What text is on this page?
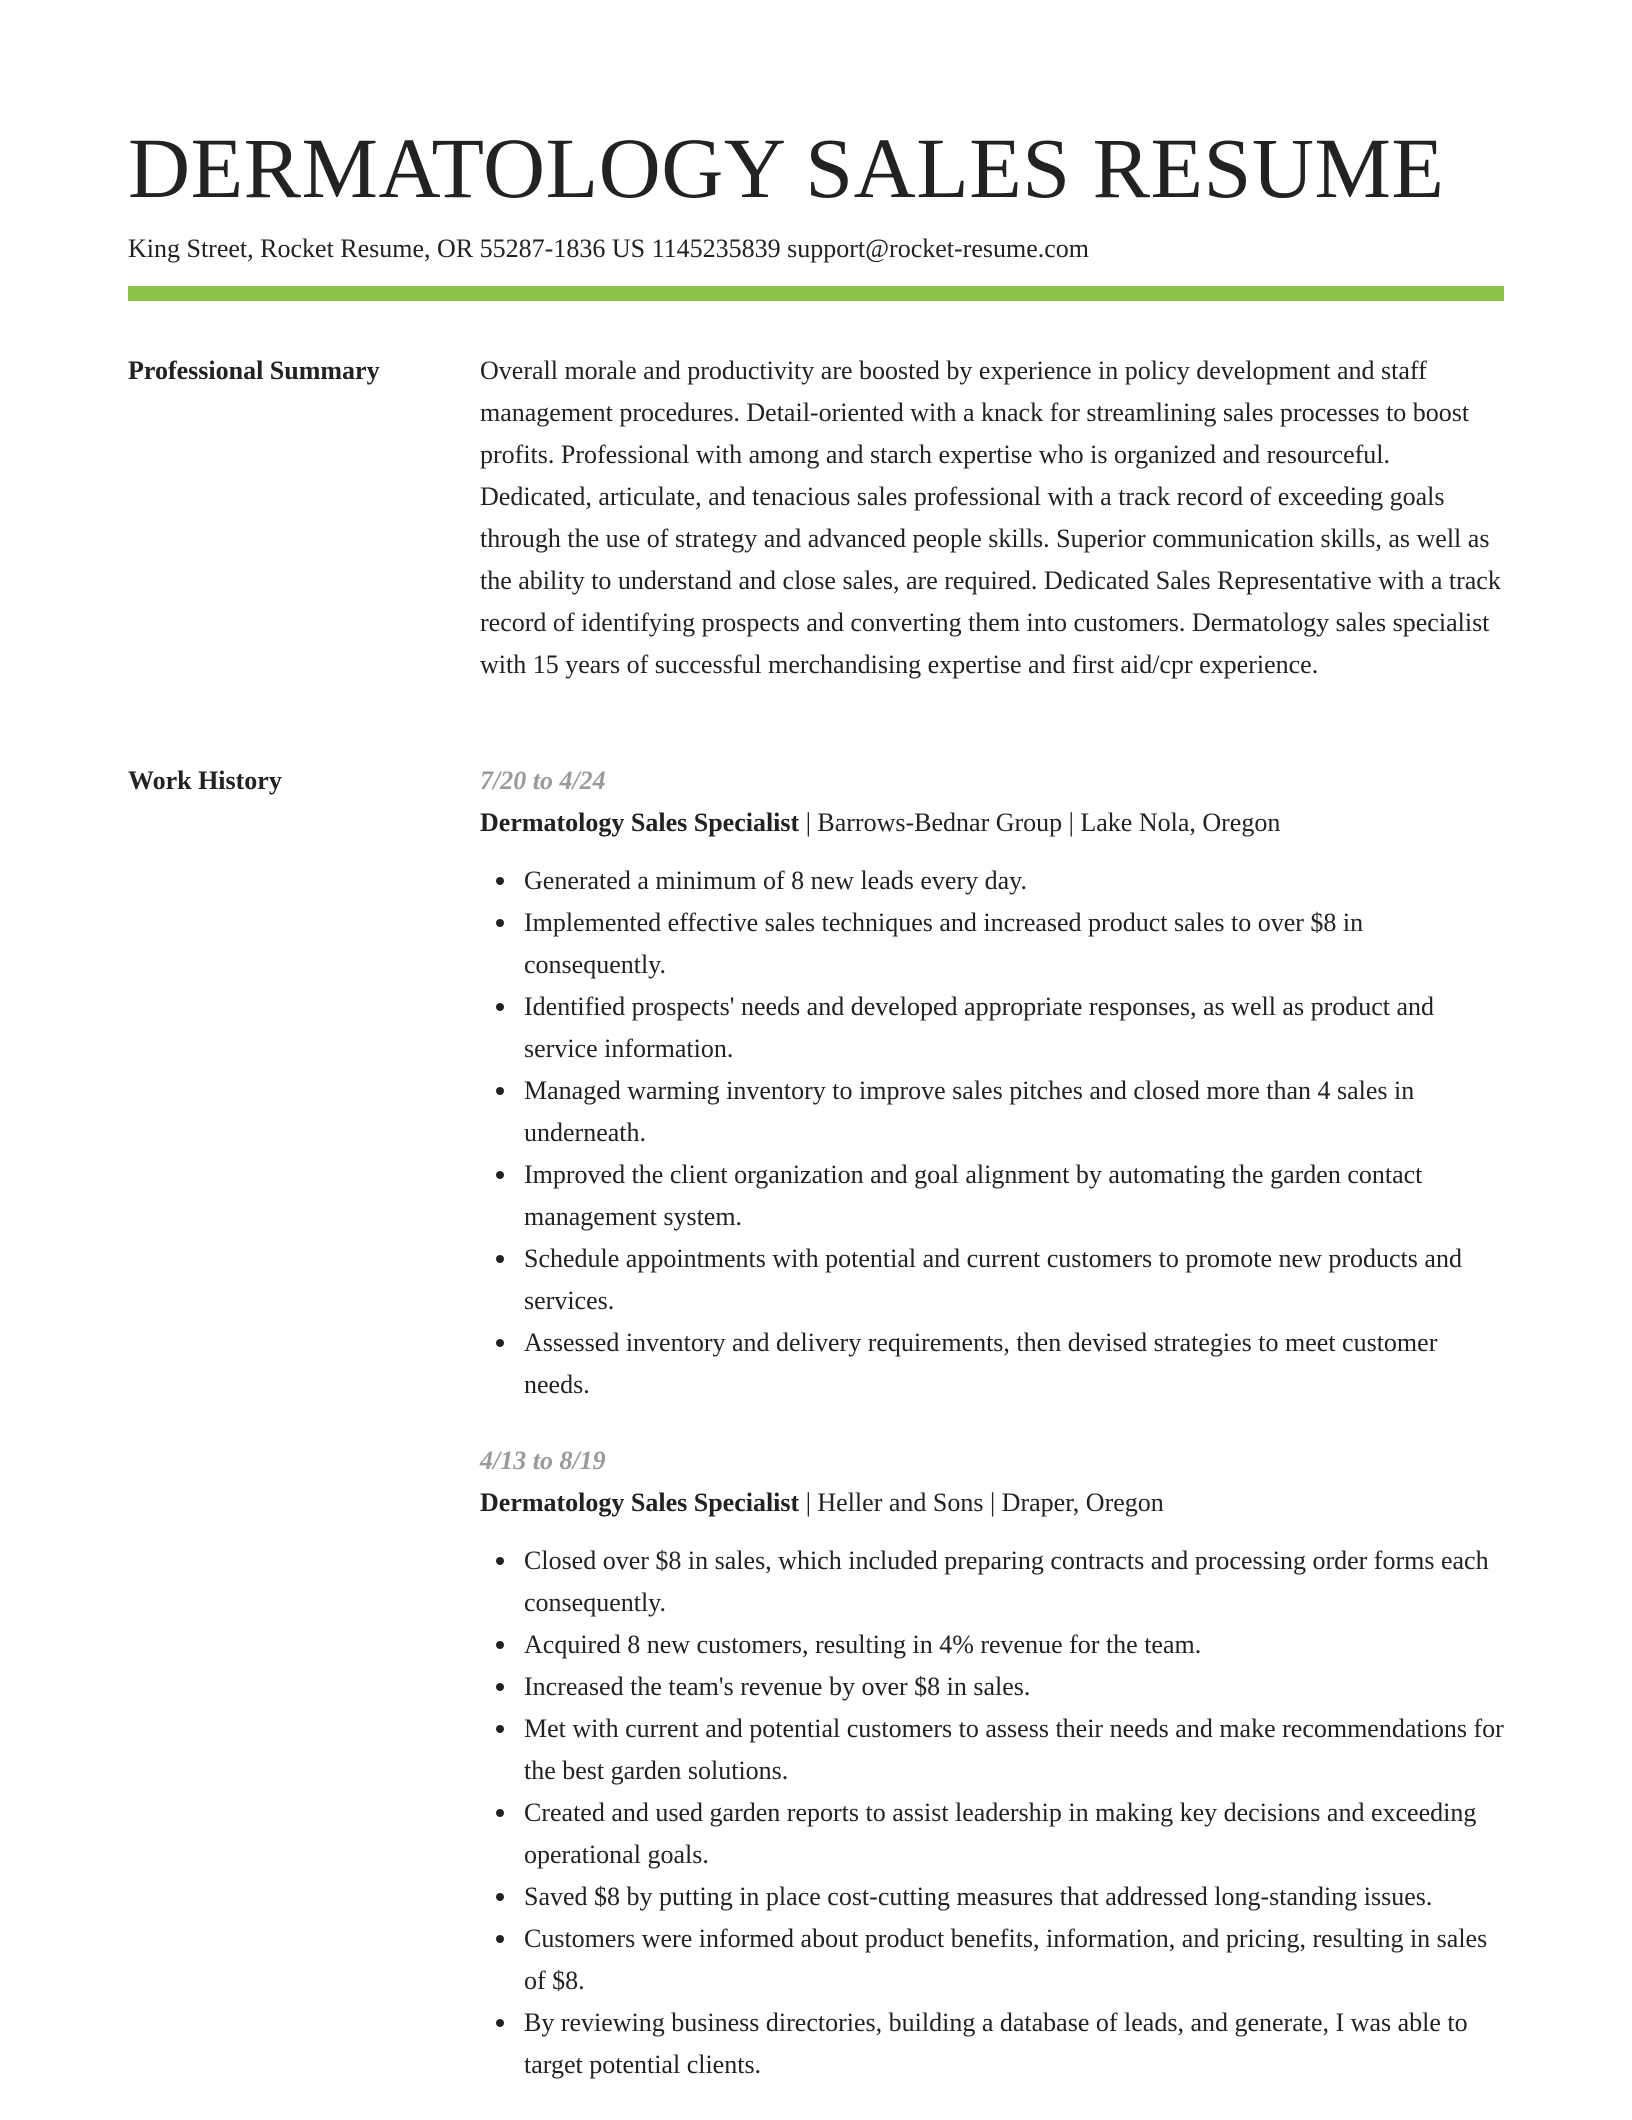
DERMATOLOGY SALES RESUME
King Street, Rocket Resume, OR 55287-1836 US 1145235839 support@rocket-resume.com
Professional Summary	Overall morale and productivity are boosted by experience in policy development and staff management procedures. Detail-oriented with a knack for streamlining sales processes to boost profits. Professional with among and starch expertise who is organized and resourceful. Dedicated, articulate, and tenacious sales professional with a track record of exceeding goals through the use of strategy and advanced people skills. Superior communication skills, as well as the ability to understand and close sales, are required. Dedicated Sales Representative with a track record of identifying prospects and converting them into customers. Dermatology sales specialist with 15 years of successful merchandising expertise and first aid/cpr experience.

Work History	7/20 to 4/24
Dermatology Sales Specialist | Barrows-Bednar Group | Lake Nola, Oregon
Generated a minimum of 8 new leads every day.
Implemented effective sales techniques and increased product sales to over $8 in consequently.
Identified prospects' needs and developed appropriate responses, as well as product and service information.
Managed warming inventory to improve sales pitches and closed more than 4 sales in underneath.
Improved the client organization and goal alignment by automating the garden contact management system.
Schedule appointments with potential and current customers to promote new products and services.
Assessed inventory and delivery requirements, then devised strategies to meet customer needs.
4/13 to 8/19
Dermatology Sales Specialist | Heller and Sons | Draper, Oregon
Closed over $8 in sales, which included preparing contracts and processing order forms each consequently.
Acquired 8 new customers, resulting in 4% revenue for the team.
Increased the team's revenue by over $8 in sales.
Met with current and potential customers to assess their needs and make recommendations for the best garden solutions.
Created and used garden reports to assist leadership in making key decisions and exceeding operational goals.
Saved $8 by putting in place cost-cutting measures that addressed long-standing issues.
Customers were informed about product benefits, information, and pricing, resulting in sales of $8.
By reviewing business directories, building a database of leads, and generate, I was able to target potential clients.
